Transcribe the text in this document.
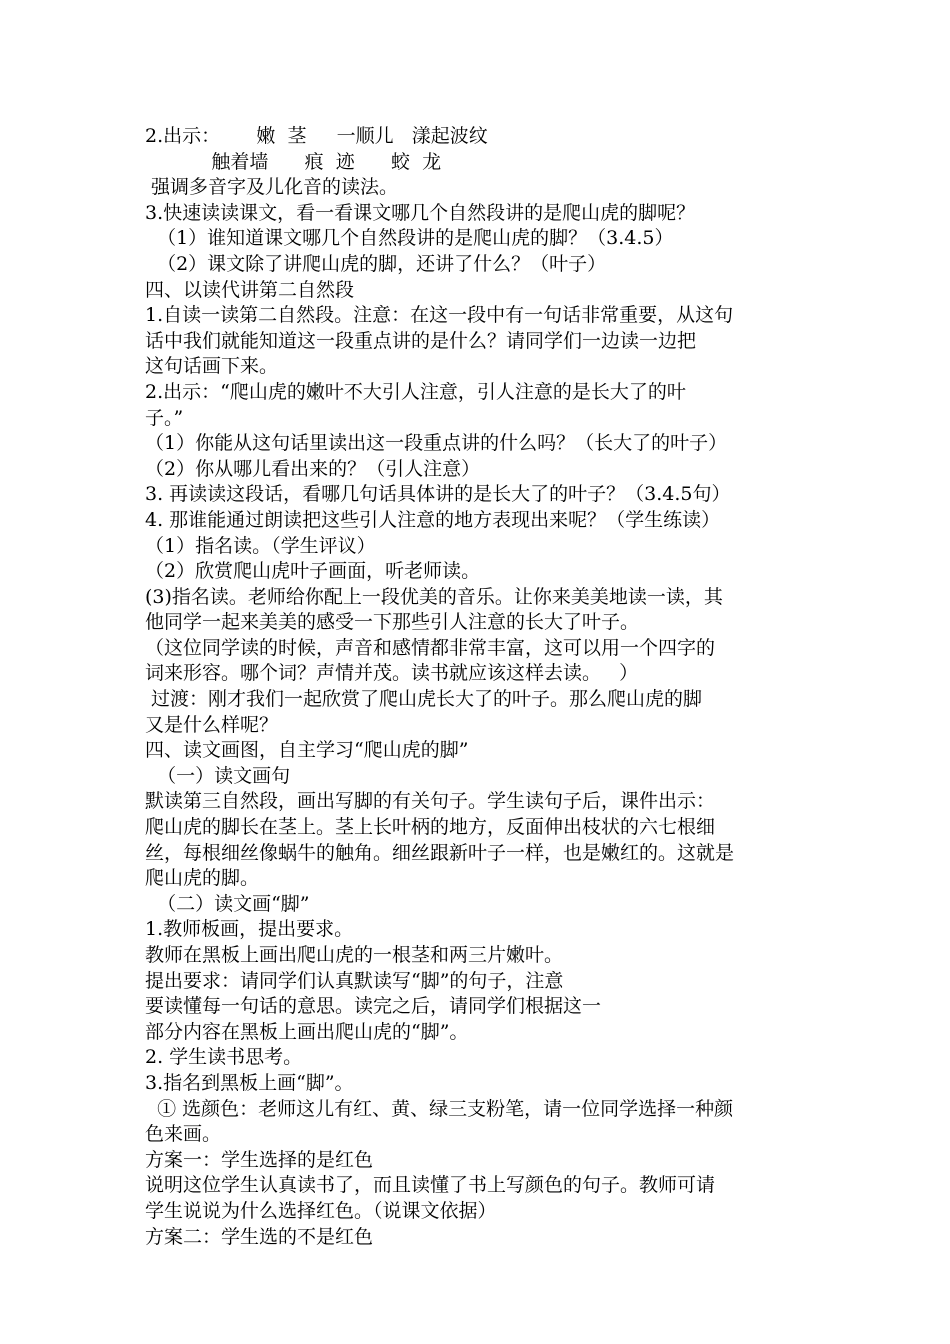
2.出示：      嫩  茎     一顺儿   漾起波纹
触着墙      痕  迹      蛟  龙
强调多音字及儿化音的读法。
3.快速读读课文，看一看课文哪几个自然段讲的是爬山虎的脚呢？
（1）谁知道课文哪几个自然段讲的是爬山虎的脚？（3.4.5）
（2）课文除了讲爬山虎的脚，还讲了什么？（叶子）
四、以读代讲第二自然段
1.自读一读第二自然段。注意：在这一段中有一句话非常重要，从这句
话中我们就能知道这一段重点讲的是什么？请同学们一边读一边把
这句话画下来。
2.出示：“爬山虎的嫩叶不大引人注意，引人注意的是长大了的叶
子。”
（1）你能从这句话里读出这一段重点讲的什么吗？（长大了的叶子）
（2）你从哪儿看出来的？（引人注意）
3. 再读读这段话，看哪几句话具体讲的是长大了的叶子？（3.4.5句）
4. 那谁能通过朗读把这些引人注意的地方表现出来呢？（学生练读）
（1）指名读。（学生评议）
（2）欣赏爬山虎叶子画面，听老师读。
(3)指名读。老师给你配上一段优美的音乐。让你来美美地读一读，其
他同学一起来美美的感受一下那些引人注意的长大了叶子。
（这位同学读的时候，声音和感情都非常丰富，这可以用一个四字的
词来形容。哪个词？声情并茂。读书就应该这样去读。   ）
过渡：刚才我们一起欣赏了爬山虎长大了的叶子。那么爬山虎的脚
又是什么样呢？
四、读文画图，自主学习“爬山虎的脚”
（一）读文画句
默读第三自然段，画出写脚的有关句子。学生读句子后，课件出示：
爬山虎的脚长在茎上。茎上长叶柄的地方，反面伸出枝状的六七根细
丝，每根细丝像蜗牛的触角。细丝跟新叶子一样，也是嫩红的。这就是
爬山虎的脚。
（二）读文画“脚”
1.教师板画，提出要求。
教师在黑板上画出爬山虎的一根茎和两三片嫩叶。
提出要求：请同学们认真默读写“脚”的句子，注意
要读懂每一句话的意思。读完之后，请同学们根据这一
部分内容在黑板上画出爬山虎的“脚”。
2. 学生读书思考。
3.指名到黑板上画“脚”。
① 选颜色：老师这儿有红、黄、绿三支粉笔，请一位同学选择一种颜
色来画。
方案一：学生选择的是红色
说明这位学生认真读书了，而且读懂了书上写颜色的句子。教师可请
学生说说为什么选择红色。（说课文依据）
方案二：学生选的不是红色
